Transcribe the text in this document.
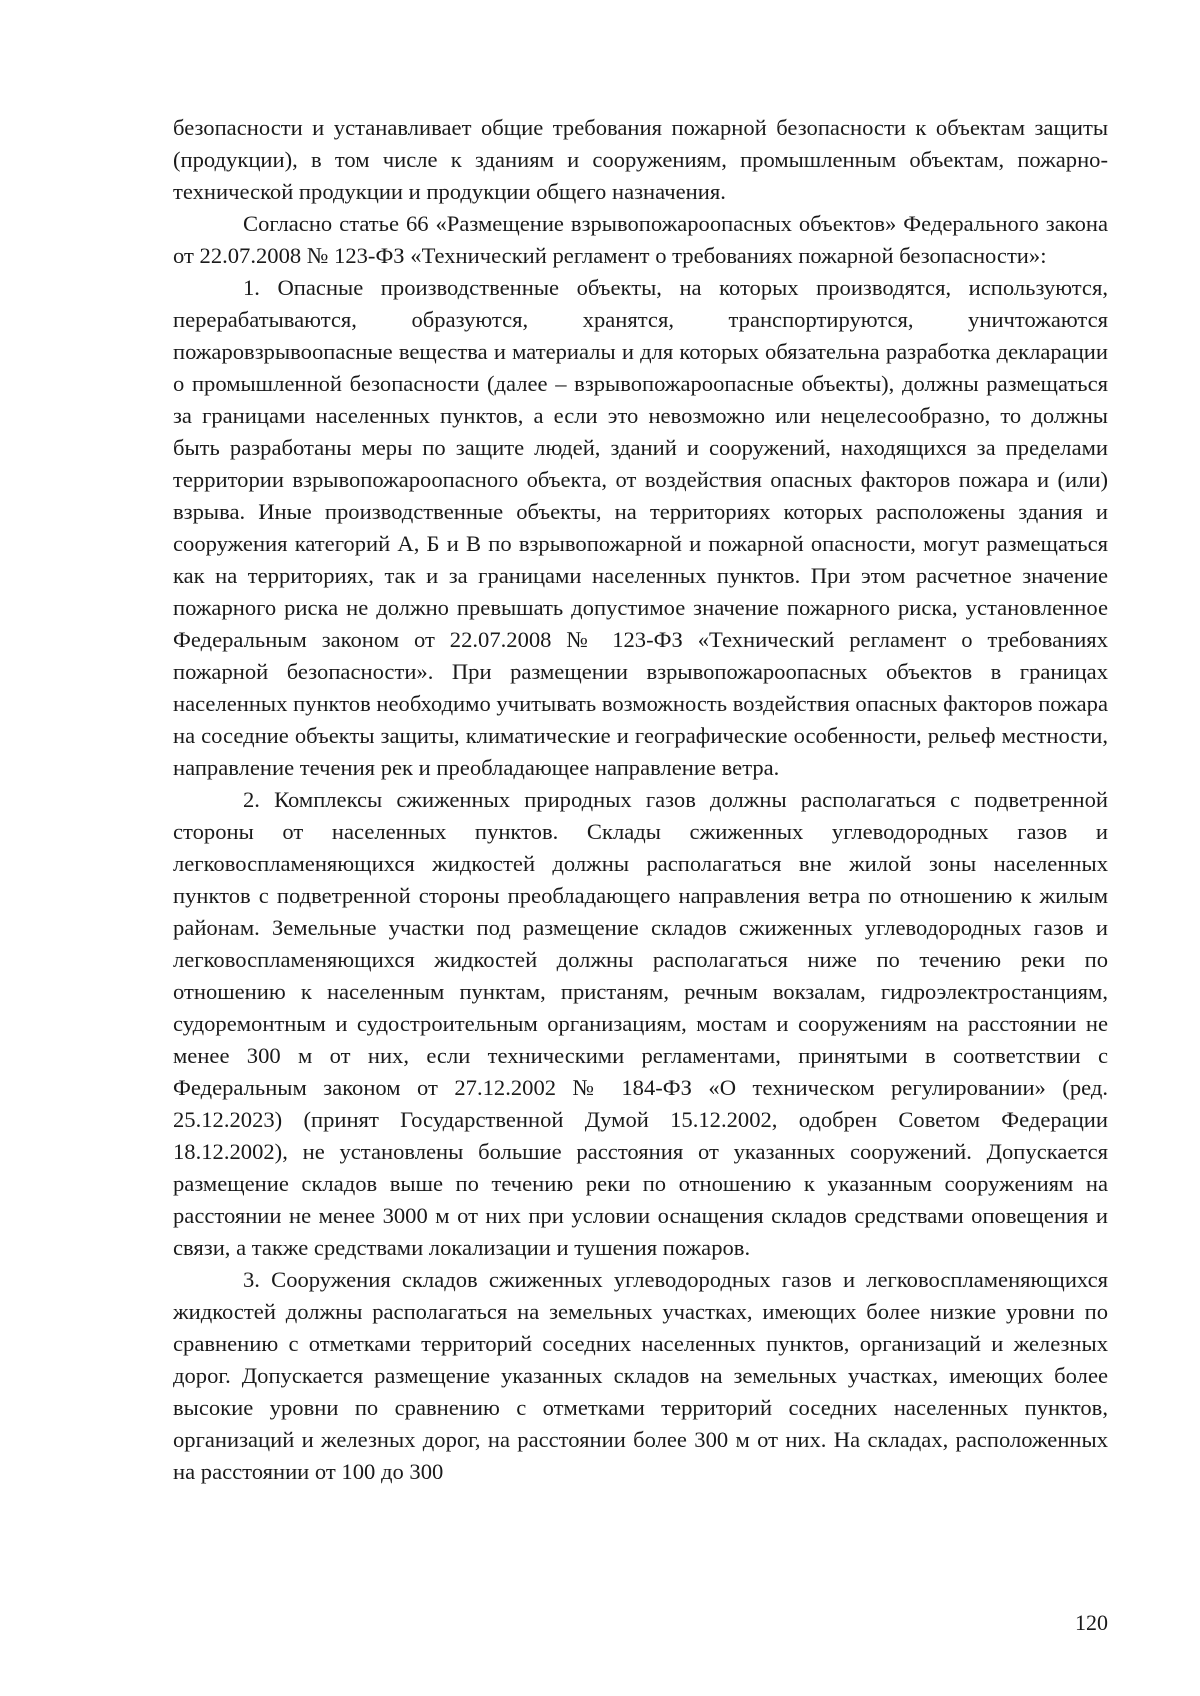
безопасности и устанавливает общие требования пожарной безопасности к объектам защиты (продукции), в том числе к зданиям и сооружениям, промышленным объектам, пожарно-технической продукции и продукции общего назначения.

Согласно статье 66 «Размещение взрывопожароопасных объектов» Федерального закона от 22.07.2008 № 123-ФЗ «Технический регламент о требованиях пожарной безопасности»:

1. Опасные производственные объекты, на которых производятся, используются, перерабатываются, образуются, хранятся, транспортируются, уничтожаются пожаровзрывоопасные вещества и материалы и для которых обязательна разработка декларации о промышленной безопасности (далее – взрывопожароопасные объекты), должны размещаться за границами населенных пунктов, а если это невозможно или нецелесообразно, то должны быть разработаны меры по защите людей, зданий и сооружений, находящихся за пределами территории взрывопожароопасного объекта, от воздействия опасных факторов пожара и (или) взрыва. Иные производственные объекты, на территориях которых расположены здания и сооружения категорий А, Б и В по взрывопожарной и пожарной опасности, могут размещаться как на территориях, так и за границами населенных пунктов. При этом расчетное значение пожарного риска не должно превышать допустимое значение пожарного риска, установленное Федеральным законом от 22.07.2008 № 123-ФЗ «Технический регламент о требованиях пожарной безопасности». При размещении взрывопожароопасных объектов в границах населенных пунктов необходимо учитывать возможность воздействия опасных факторов пожара на соседние объекты защиты, климатические и географические особенности, рельеф местности, направление течения рек и преобладающее направление ветра.

2. Комплексы сжиженных природных газов должны располагаться с подветренной стороны от населенных пунктов. Склады сжиженных углеводородных газов и легковоспламеняющихся жидкостей должны располагаться вне жилой зоны населенных пунктов с подветренной стороны преобладающего направления ветра по отношению к жилым районам. Земельные участки под размещение складов сжиженных углеводородных газов и легковоспламеняющихся жидкостей должны располагаться ниже по течению реки по отношению к населенным пунктам, пристаням, речным вокзалам, гидроэлектростанциям, судоремонтным и судостроительным организациям, мостам и сооружениям на расстоянии не менее 300 м от них, если техническими регламентами, принятыми в соответствии с Федеральным законом от 27.12.2002 № 184-ФЗ «О техническом регулировании» (ред. 25.12.2023) (принят Государственной Думой 15.12.2002, одобрен Советом Федерации 18.12.2002), не установлены большие расстояния от указанных сооружений. Допускается размещение складов выше по течению реки по отношению к указанным сооружениям на расстоянии не менее 3000 м от них при условии оснащения складов средствами оповещения и связи, а также средствами локализации и тушения пожаров.

3. Сооружения складов сжиженных углеводородных газов и легковоспламеняющихся жидкостей должны располагаться на земельных участках, имеющих более низкие уровни по сравнению с отметками территорий соседних населенных пунктов, организаций и железных дорог. Допускается размещение указанных складов на земельных участках, имеющих более высокие уровни по сравнению с отметками территорий соседних населенных пунктов, организаций и железных дорог, на расстоянии более 300 м от них. На складах, расположенных на расстоянии от 100 до 300

120
